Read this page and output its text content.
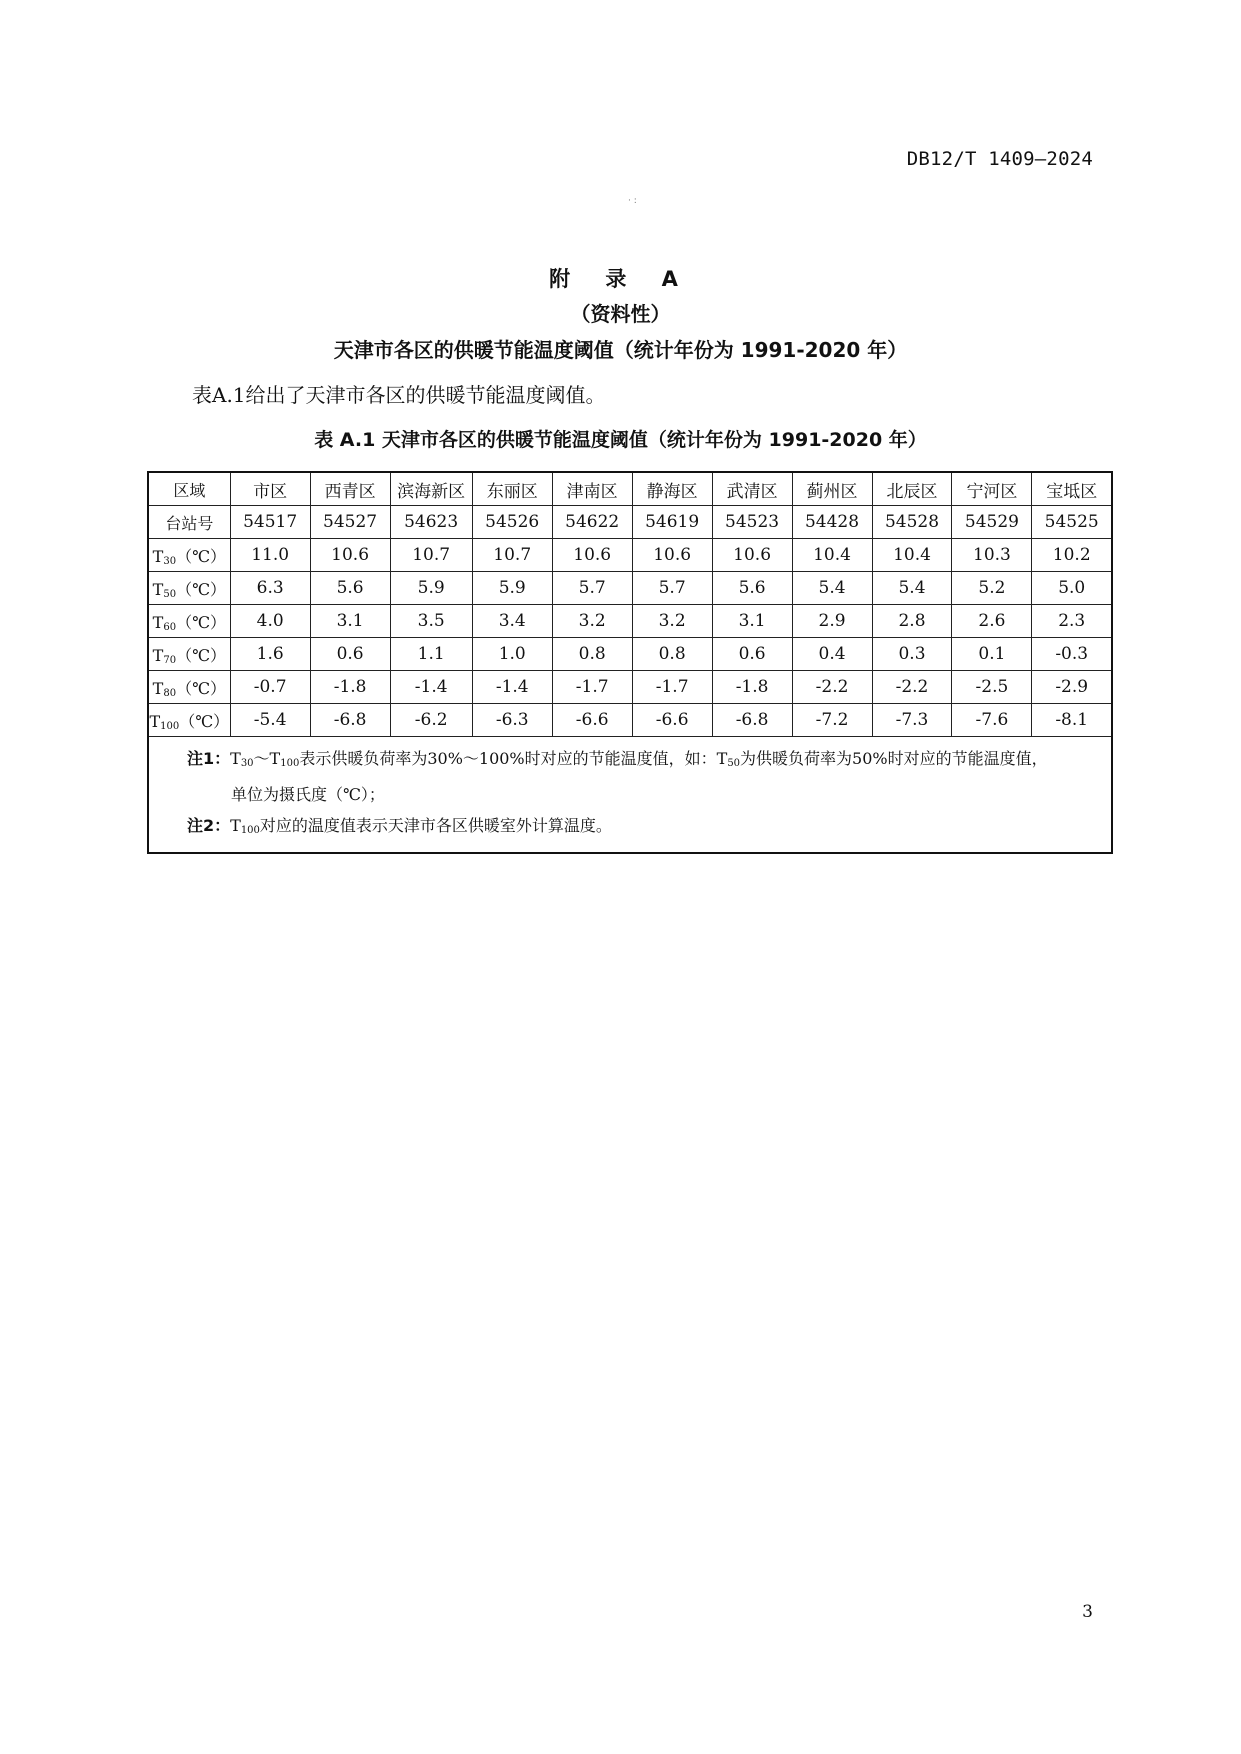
DB12/T 1409—2024
· :

附 录 A

（资料性）

天津市各区的供暖节能温度阈值（统计年份为 1991-2020 年）

表A.1给出了天津市各区的供暖节能温度阈值。
表 A.1 天津市各区的供暖节能温度阈值（统计年份为 1991-2020 年）
区域	市区	西青区	滨海新区	东丽区	津南区	静海区	武清区	蓟州区	北辰区	宁河区	宝坻区
台站号	54517	54527	54623	54526	54622	54619	54523	54428	54528	54529	54525
$T_{30}(℃)$	11.0	10.6	10.7	10.7	10.6	10.6	10.6	10.4	10.4	10.3	10.2
$T_{50}(℃)$	6.3	5.6	5.9	5.9	5.7	5.7	5.6	5.4	5.4	5.2	5.0
$T_{60}(℃)$	4.0	3.1	3.5	3.4	3.2	3.2	3.1	2.9	2.8	2.6	2.3
$T_{70}(℃)$	1.6	0.6	1.1	1.0	0.8	0.8	0.6	0.4	0.3	0.1	-0.3
$T_{80}(℃)$	-0.7	-1.8	-1.4	-1.4	-1.7	-1.7	-1.8	-2.2	-2.2	-2.5	-2.9
$T_{100}(℃)$	-5.4	-6.8	-6.2	-6.3	-6.6	-6.6	-6.8	-7.2	-7.3	-7.6	-8.1

注1：$T_{30}\sim T_{100}$表示供暖负荷率为30%～100%时对应的节能温度值，如：$T_{50}$为供暖负荷率为50%时对应的节能温度值，
单位为摄氏度（℃）；
注2：$T_{100}$对应的温度值表示天津市各区供暖室外计算温度。											
3
